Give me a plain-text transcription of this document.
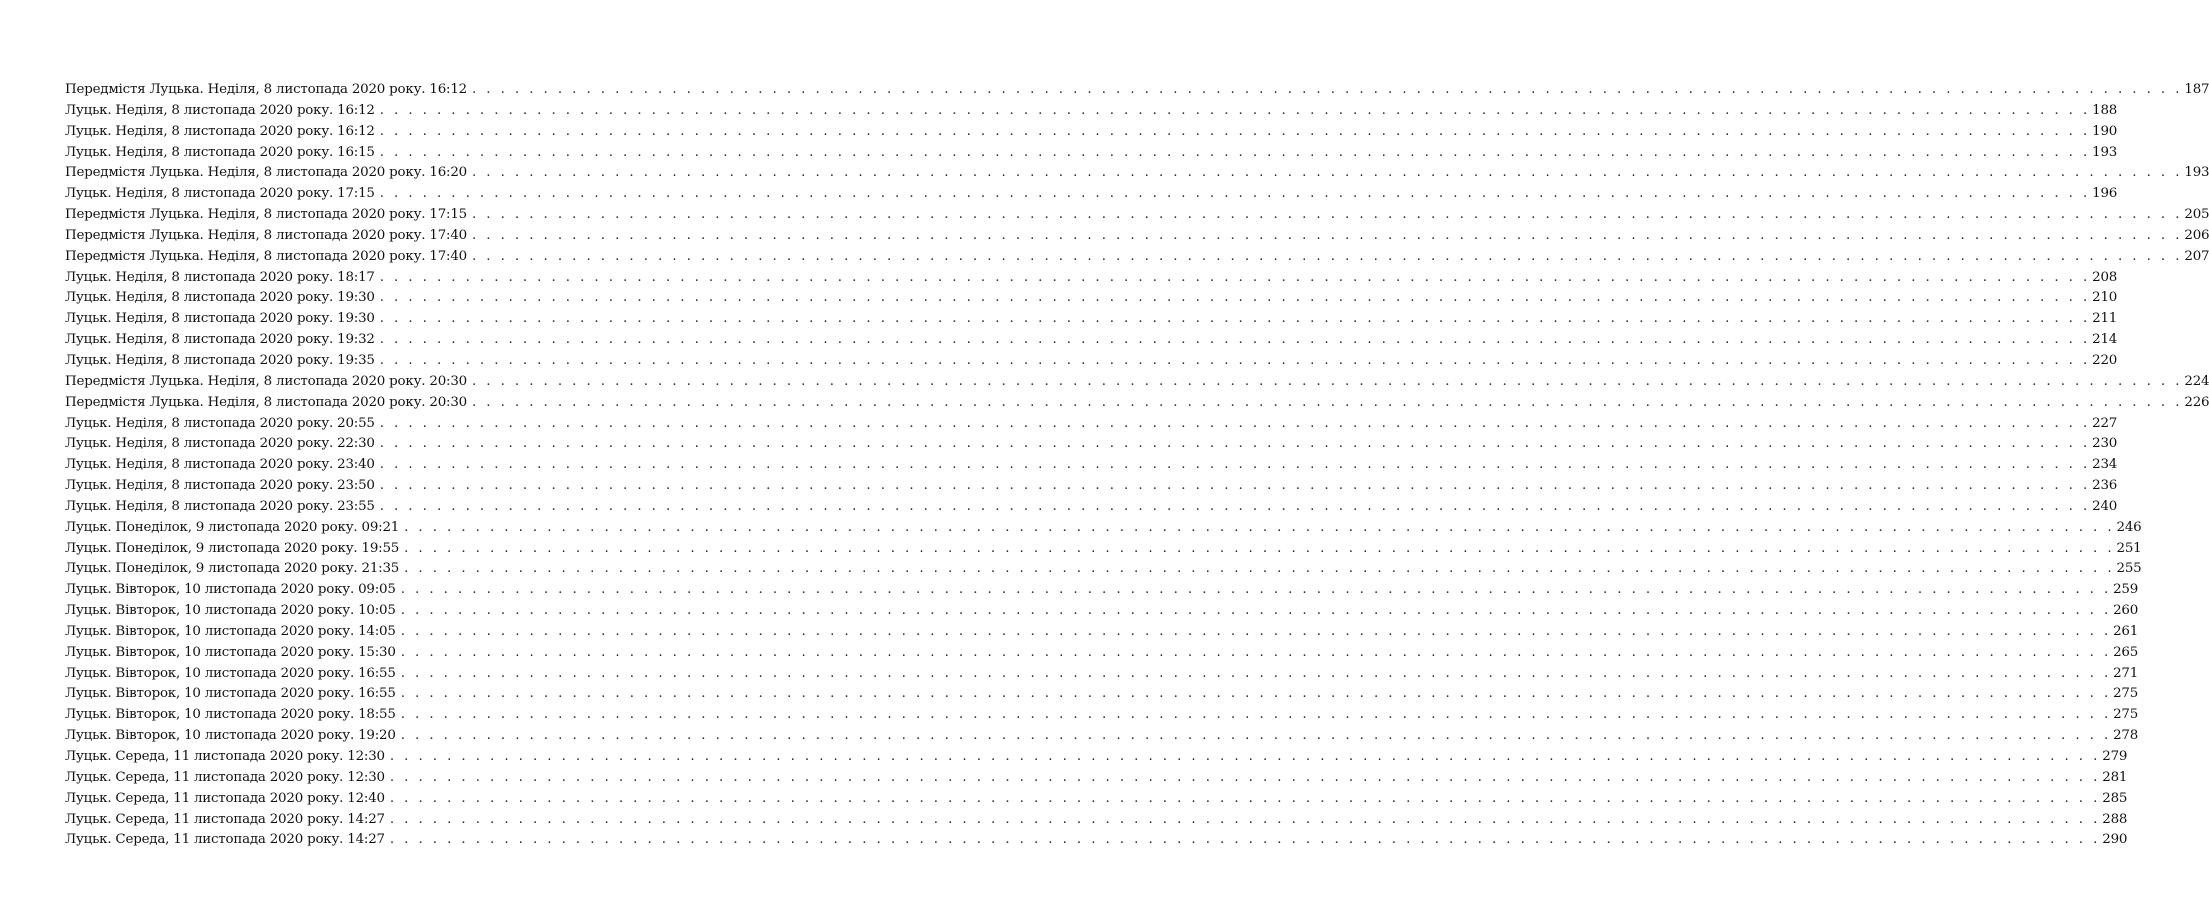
Передмістя Луцька. Неділя, 8 листопада 2020 року. 16:12 . . . . . . . . . . . . . . . . . . . . . . . . . . . . . . . . . . . . . . . . . . . . . . . . . . . . . . . . . . . . . . . . . . . . . . . . . . . . . . . . . . . . . . . . . . . . . . . . . . . . . . . . . . . . . . . . . . . . . . . . 187
Луцьк. Неділя, 8 листопада 2020 року. 16:12 . . . . . . . . . . . . . . . . . . . . . . . . . . . . . . . . . . . . . . . . . . . . . . . . . . . . . . . . . . . . . . . . . . . . . . . . . . . . . . . . . . . . . . . . . . . . . . . . . . . . . . . . . . . . . . . . . . . . . . . . 188
Луцьк. Неділя, 8 листопада 2020 року. 16:12 . . . . . . . . . . . . . . . . . . . . . . . . . . . . . . . . . . . . . . . . . . . . . . . . . . . . . . . . . . . . . . . . . . . . . . . . . . . . . . . . . . . . . . . . . . . . . . . . . . . . . . . . . . . . . . . . . . . . . . . . 190
Луцьк. Неділя, 8 листопада 2020 року. 16:15 . . . . . . . . . . . . . . . . . . . . . . . . . . . . . . . . . . . . . . . . . . . . . . . . . . . . . . . . . . . . . . . . . . . . . . . . . . . . . . . . . . . . . . . . . . . . . . . . . . . . . . . . . . . . . . . . . . . . . . . . 193
Передмістя Луцька. Неділя, 8 листопада 2020 року. 16:20 . . . . . . . . . . . . . . . . . . . . . . . . . . . . . . . . . . . . . . . . . . . . . . . . . . . . . . . . . . . . . . . . . . . . . . . . . . . . . . . . . . . . . . . . . . . . . . . . . . . . . . . . . . . . . . . . . . . . . . . . 193
Луцьк. Неділя, 8 листопада 2020 року. 17:15 . . . . . . . . . . . . . . . . . . . . . . . . . . . . . . . . . . . . . . . . . . . . . . . . . . . . . . . . . . . . . . . . . . . . . . . . . . . . . . . . . . . . . . . . . . . . . . . . . . . . . . . . . . . . . . . . . . . . . . . . 196
Передмістя Луцька. Неділя, 8 листопада 2020 року. 17:15 . . . . . . . . . . . . . . . . . . . . . . . . . . . . . . . . . . . . . . . . . . . . . . . . . . . . . . . . . . . . . . . . . . . . . . . . . . . . . . . . . . . . . . . . . . . . . . . . . . . . . . . . . . . . . . . . . . . . . . . . 205
Передмістя Луцька. Неділя, 8 листопада 2020 року. 17:40 . . . . . . . . . . . . . . . . . . . . . . . . . . . . . . . . . . . . . . . . . . . . . . . . . . . . . . . . . . . . . . . . . . . . . . . . . . . . . . . . . . . . . . . . . . . . . . . . . . . . . . . . . . . . . . . . . . . . . . . . 206
Передмістя Луцька. Неділя, 8 листопада 2020 року. 17:40 . . . . . . . . . . . . . . . . . . . . . . . . . . . . . . . . . . . . . . . . . . . . . . . . . . . . . . . . . . . . . . . . . . . . . . . . . . . . . . . . . . . . . . . . . . . . . . . . . . . . . . . . . . . . . . . . . . . . . . . . 207
Луцьк. Неділя, 8 листопада 2020 року. 18:17 . . . . . . . . . . . . . . . . . . . . . . . . . . . . . . . . . . . . . . . . . . . . . . . . . . . . . . . . . . . . . . . . . . . . . . . . . . . . . . . . . . . . . . . . . . . . . . . . . . . . . . . . . . . . . . . . . . . . . . . . 208
Луцьк. Неділя, 8 листопада 2020 року. 19:30 . . . . . . . . . . . . . . . . . . . . . . . . . . . . . . . . . . . . . . . . . . . . . . . . . . . . . . . . . . . . . . . . . . . . . . . . . . . . . . . . . . . . . . . . . . . . . . . . . . . . . . . . . . . . . . . . . . . . . . . . 210
Луцьк. Неділя, 8 листопада 2020 року. 19:30 . . . . . . . . . . . . . . . . . . . . . . . . . . . . . . . . . . . . . . . . . . . . . . . . . . . . . . . . . . . . . . . . . . . . . . . . . . . . . . . . . . . . . . . . . . . . . . . . . . . . . . . . . . . . . . . . . . . . . . . . 211
Луцьк. Неділя, 8 листопада 2020 року. 19:32 . . . . . . . . . . . . . . . . . . . . . . . . . . . . . . . . . . . . . . . . . . . . . . . . . . . . . . . . . . . . . . . . . . . . . . . . . . . . . . . . . . . . . . . . . . . . . . . . . . . . . . . . . . . . . . . . . . . . . . . . 214
Луцьк. Неділя, 8 листопада 2020 року. 19:35 . . . . . . . . . . . . . . . . . . . . . . . . . . . . . . . . . . . . . . . . . . . . . . . . . . . . . . . . . . . . . . . . . . . . . . . . . . . . . . . . . . . . . . . . . . . . . . . . . . . . . . . . . . . . . . . . . . . . . . . . 220
Передмістя Луцька. Неділя, 8 листопада 2020 року. 20:30 . . . . . . . . . . . . . . . . . . . . . . . . . . . . . . . . . . . . . . . . . . . . . . . . . . . . . . . . . . . . . . . . . . . . . . . . . . . . . . . . . . . . . . . . . . . . . . . . . . . . . . . . . . . . . . . . . . . . . . . . 224
Передмістя Луцька. Неділя, 8 листопада 2020 року. 20:30 . . . . . . . . . . . . . . . . . . . . . . . . . . . . . . . . . . . . . . . . . . . . . . . . . . . . . . . . . . . . . . . . . . . . . . . . . . . . . . . . . . . . . . . . . . . . . . . . . . . . . . . . . . . . . . . . . . . . . . . . 226
Луцьк. Неділя, 8 листопада 2020 року. 20:55 . . . . . . . . . . . . . . . . . . . . . . . . . . . . . . . . . . . . . . . . . . . . . . . . . . . . . . . . . . . . . . . . . . . . . . . . . . . . . . . . . . . . . . . . . . . . . . . . . . . . . . . . . . . . . . . . . . . . . . . . 227
Луцьк. Неділя, 8 листопада 2020 року. 22:30 . . . . . . . . . . . . . . . . . . . . . . . . . . . . . . . . . . . . . . . . . . . . . . . . . . . . . . . . . . . . . . . . . . . . . . . . . . . . . . . . . . . . . . . . . . . . . . . . . . . . . . . . . . . . . . . . . . . . . . . . 230
Луцьк. Неділя, 8 листопада 2020 року. 23:40 . . . . . . . . . . . . . . . . . . . . . . . . . . . . . . . . . . . . . . . . . . . . . . . . . . . . . . . . . . . . . . . . . . . . . . . . . . . . . . . . . . . . . . . . . . . . . . . . . . . . . . . . . . . . . . . . . . . . . . . . 234
Луцьк. Неділя, 8 листопада 2020 року. 23:50 . . . . . . . . . . . . . . . . . . . . . . . . . . . . . . . . . . . . . . . . . . . . . . . . . . . . . . . . . . . . . . . . . . . . . . . . . . . . . . . . . . . . . . . . . . . . . . . . . . . . . . . . . . . . . . . . . . . . . . . . 236
Луцьк. Неділя, 8 листопада 2020 року. 23:55 . . . . . . . . . . . . . . . . . . . . . . . . . . . . . . . . . . . . . . . . . . . . . . . . . . . . . . . . . . . . . . . . . . . . . . . . . . . . . . . . . . . . . . . . . . . . . . . . . . . . . . . . . . . . . . . . . . . . . . . . 240
Луцьк. Понеділок, 9 листопада 2020 року. 09:21 . . . . . . . . . . . . . . . . . . . . . . . . . . . . . . . . . . . . . . . . . . . . . . . . . . . . . . . . . . . . . . . . . . . . . . . . . . . . . . . . . . . . . . . . . . . . . . . . . . . . . . . . . . . . . . . . . . . . . . . . 246
Луцьк. Понеділок, 9 листопада 2020 року. 19:55 . . . . . . . . . . . . . . . . . . . . . . . . . . . . . . . . . . . . . . . . . . . . . . . . . . . . . . . . . . . . . . . . . . . . . . . . . . . . . . . . . . . . . . . . . . . . . . . . . . . . . . . . . . . . . . . . . . . . . . . . 251
Луцьк. Понеділок, 9 листопада 2020 року. 21:35 . . . . . . . . . . . . . . . . . . . . . . . . . . . . . . . . . . . . . . . . . . . . . . . . . . . . . . . . . . . . . . . . . . . . . . . . . . . . . . . . . . . . . . . . . . . . . . . . . . . . . . . . . . . . . . . . . . . . . . . . 255
Луцьк. Вівторок, 10 листопада 2020 року. 09:05 . . . . . . . . . . . . . . . . . . . . . . . . . . . . . . . . . . . . . . . . . . . . . . . . . . . . . . . . . . . . . . . . . . . . . . . . . . . . . . . . . . . . . . . . . . . . . . . . . . . . . . . . . . . . . . . . . . . . . . . . 259
Луцьк. Вівторок, 10 листопада 2020 року. 10:05 . . . . . . . . . . . . . . . . . . . . . . . . . . . . . . . . . . . . . . . . . . . . . . . . . . . . . . . . . . . . . . . . . . . . . . . . . . . . . . . . . . . . . . . . . . . . . . . . . . . . . . . . . . . . . . . . . . . . . . . . 260
Луцьк. Вівторок, 10 листопада 2020 року. 14:05 . . . . . . . . . . . . . . . . . . . . . . . . . . . . . . . . . . . . . . . . . . . . . . . . . . . . . . . . . . . . . . . . . . . . . . . . . . . . . . . . . . . . . . . . . . . . . . . . . . . . . . . . . . . . . . . . . . . . . . . . 261
Луцьк. Вівторок, 10 листопада 2020 року. 15:30 . . . . . . . . . . . . . . . . . . . . . . . . . . . . . . . . . . . . . . . . . . . . . . . . . . . . . . . . . . . . . . . . . . . . . . . . . . . . . . . . . . . . . . . . . . . . . . . . . . . . . . . . . . . . . . . . . . . . . . . . 265
Луцьк. Вівторок, 10 листопада 2020 року. 16:55 . . . . . . . . . . . . . . . . . . . . . . . . . . . . . . . . . . . . . . . . . . . . . . . . . . . . . . . . . . . . . . . . . . . . . . . . . . . . . . . . . . . . . . . . . . . . . . . . . . . . . . . . . . . . . . . . . . . . . . . . 271
Луцьк. Вівторок, 10 листопада 2020 року. 16:55 . . . . . . . . . . . . . . . . . . . . . . . . . . . . . . . . . . . . . . . . . . . . . . . . . . . . . . . . . . . . . . . . . . . . . . . . . . . . . . . . . . . . . . . . . . . . . . . . . . . . . . . . . . . . . . . . . . . . . . . . 275
Луцьк. Вівторок, 10 листопада 2020 року. 18:55 . . . . . . . . . . . . . . . . . . . . . . . . . . . . . . . . . . . . . . . . . . . . . . . . . . . . . . . . . . . . . . . . . . . . . . . . . . . . . . . . . . . . . . . . . . . . . . . . . . . . . . . . . . . . . . . . . . . . . . . . 275
Луцьк. Вівторок, 10 листопада 2020 року. 19:20 . . . . . . . . . . . . . . . . . . . . . . . . . . . . . . . . . . . . . . . . . . . . . . . . . . . . . . . . . . . . . . . . . . . . . . . . . . . . . . . . . . . . . . . . . . . . . . . . . . . . . . . . . . . . . . . . . . . . . . . . 278
Луцьк. Середа, 11 листопада 2020 року. 12:30 . . . . . . . . . . . . . . . . . . . . . . . . . . . . . . . . . . . . . . . . . . . . . . . . . . . . . . . . . . . . . . . . . . . . . . . . . . . . . . . . . . . . . . . . . . . . . . . . . . . . . . . . . . . . . . . . . . . . . . . . 279
Луцьк. Середа, 11 листопада 2020 року. 12:30 . . . . . . . . . . . . . . . . . . . . . . . . . . . . . . . . . . . . . . . . . . . . . . . . . . . . . . . . . . . . . . . . . . . . . . . . . . . . . . . . . . . . . . . . . . . . . . . . . . . . . . . . . . . . . . . . . . . . . . . . 281
Луцьк. Середа, 11 листопада 2020 року. 12:40 . . . . . . . . . . . . . . . . . . . . . . . . . . . . . . . . . . . . . . . . . . . . . . . . . . . . . . . . . . . . . . . . . . . . . . . . . . . . . . . . . . . . . . . . . . . . . . . . . . . . . . . . . . . . . . . . . . . . . . . . 285
Луцьк. Середа, 11 листопада 2020 року. 14:27 . . . . . . . . . . . . . . . . . . . . . . . . . . . . . . . . . . . . . . . . . . . . . . . . . . . . . . . . . . . . . . . . . . . . . . . . . . . . . . . . . . . . . . . . . . . . . . . . . . . . . . . . . . . . . . . . . . . . . . . . 288
Луцьк. Середа, 11 листопада 2020 року. 14:27 . . . . . . . . . . . . . . . . . . . . . . . . . . . . . . . . . . . . . . . . . . . . . . . . . . . . . . . . . . . . . . . . . . . . . . . . . . . . . . . . . . . . . . . . . . . . . . . . . . . . . . . . . . . . . . . . . . . . . . . . 290
